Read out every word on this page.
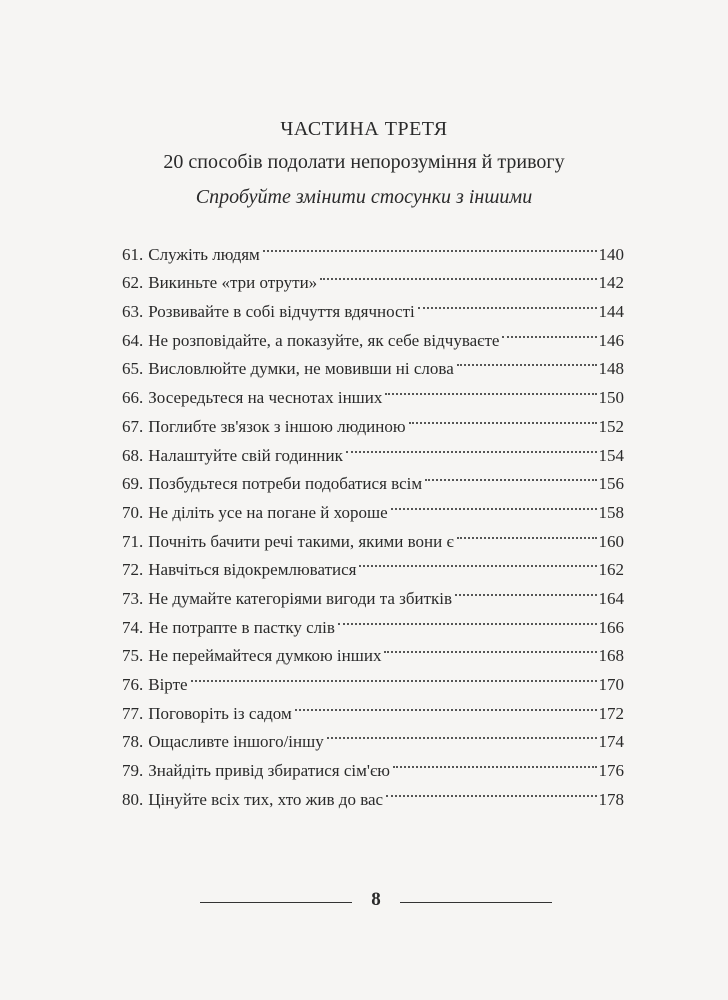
ЧАСТИНА ТРЕТЯ
20 способів подолати непорозуміння й тривогу
Спробуйте змінити стосунки з іншими
61. Служіть людям	140
62. Викиньте «три отрути»	142
63. Розвивайте в собі відчуття вдячності	144
64. Не розповідайте, а показуйте, як себе відчуваєте	146
65. Висловлюйте думки, не мовивши ні слова	148
66. Зосередьтеся на чеснотах інших	150
67. Поглибте зв'язок з іншою людиною	152
68. Налаштуйте свій годинник	154
69. Позбудьтеся потреби подобатися всім	156
70. Не діліть усе на погане й хороше	158
71. Почніть бачити речі такими, якими вони є	160
72. Навчіться відокремлюватися	162
73. Не думайте категоріями вигоди та збитків	164
74. Не потрапте в пастку слів	166
75. Не переймайтеся думкою інших	168
76. Вірте	170
77. Поговоріть із садом	172
78. Ощасливте іншого/іншу	174
79. Знайдіть привід збиратися сім'єю	176
80. Цінуйте всіх тих, хто жив до вас	178
8
